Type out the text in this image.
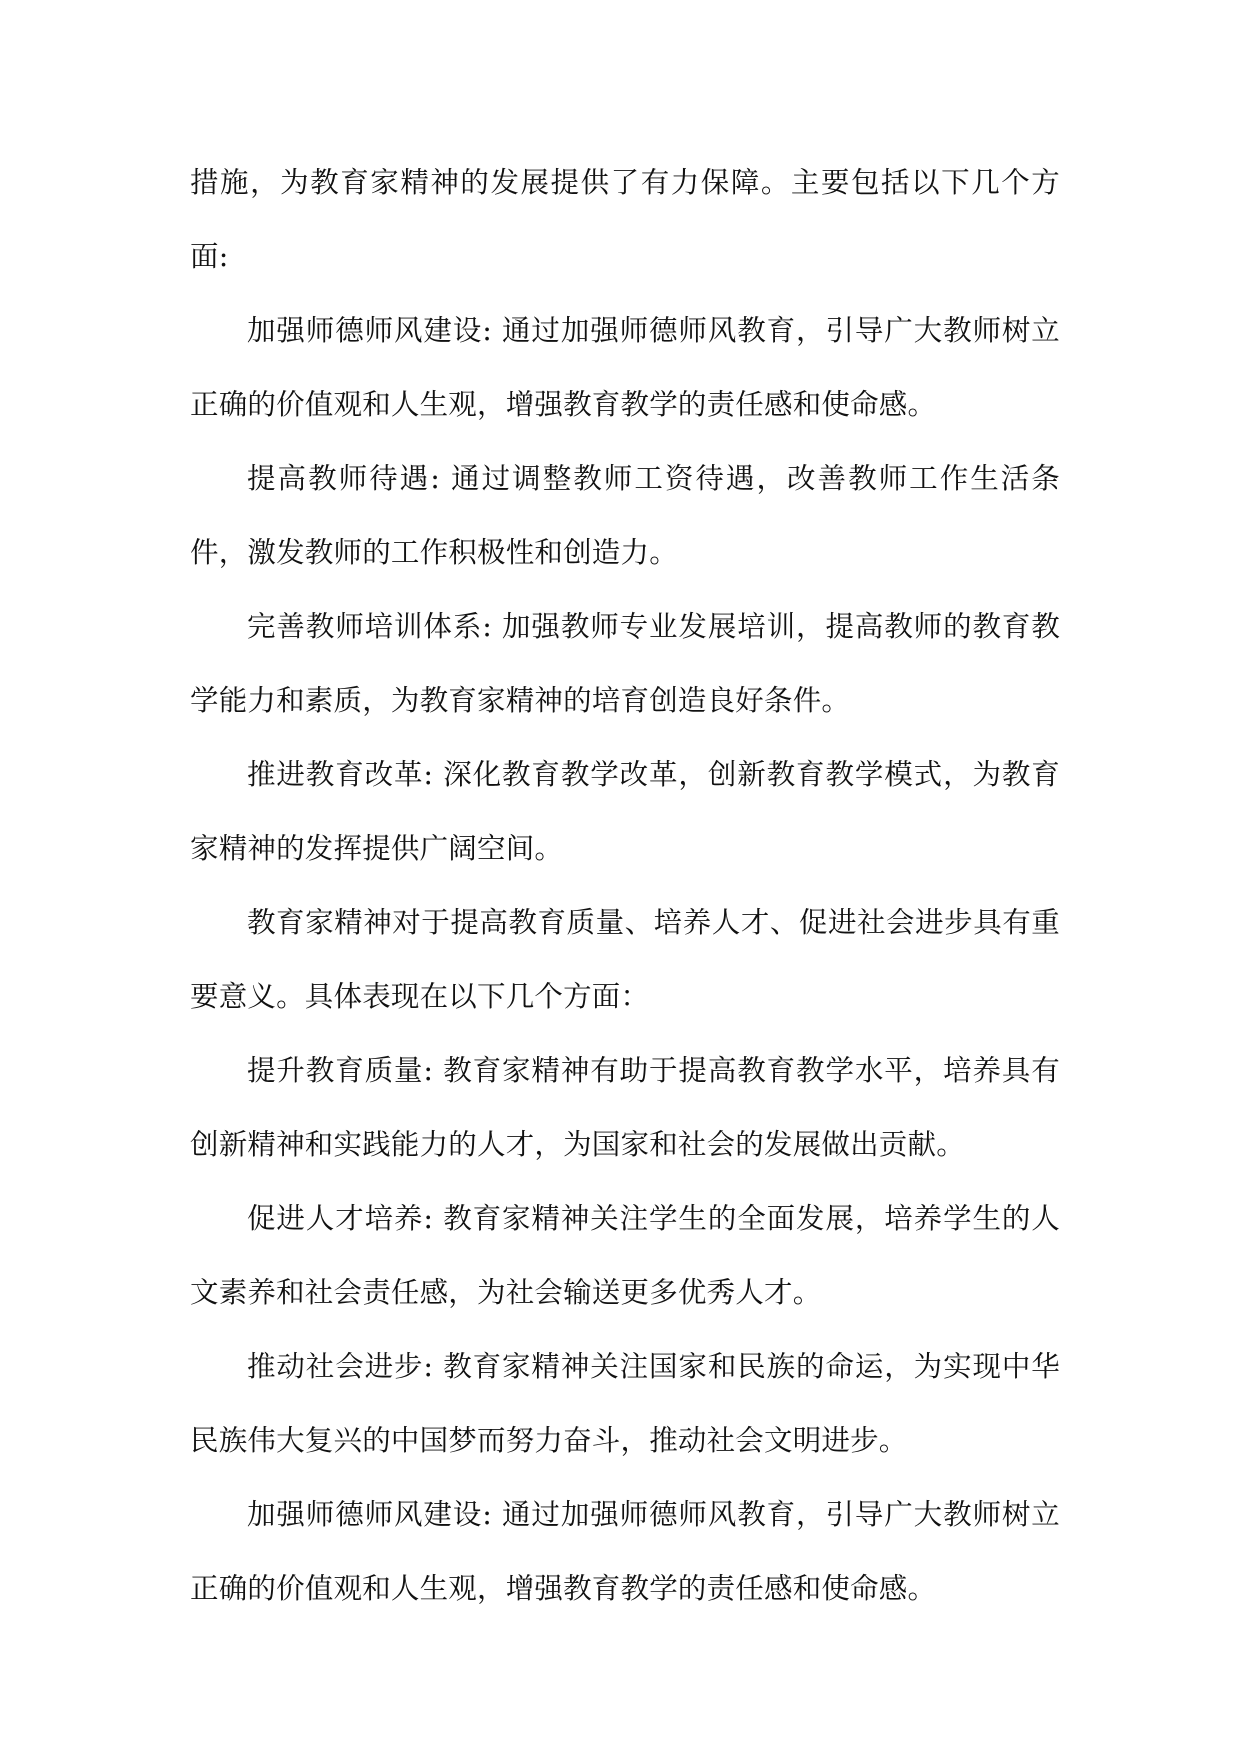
措施，为教育家精神的发展提供了有力保障。主要包括以下几个方面:

加强师德师风建设: 通过加强师德师风教育，引导广大教师树立正确的价值观和人生观，增强教育教学的责任感和使命感。

提高教师待遇: 通过调整教师工资待遇，改善教师工作生活条件，激发教师的工作积极性和创造力。

完善教师培训体系: 加强教师专业发展培训，提高教师的教育教学能力和素质，为教育家精神的培育创造良好条件。

推进教育改革: 深化教育教学改革，创新教育教学模式，为教育家精神的发挥提供广阔空间。

教育家精神对于提高教育质量、培养人才、促进社会进步具有重要意义。具体表现在以下几个方面：

提升教育质量: 教育家精神有助于提高教育教学水平，培养具有创新精神和实践能力的人才，为国家和社会的发展做出贡献。

促进人才培养: 教育家精神关注学生的全面发展，培养学生的人文素养和社会责任感，为社会输送更多优秀人才。

推动社会进步: 教育家精神关注国家和民族的命运，为实现中华民族伟大复兴的中国梦而努力奋斗，推动社会文明进步。

加强师德师风建设: 通过加强师德师风教育，引导广大教师树立正确的价值观和人生观，增强教育教学的责任感和使命感。
